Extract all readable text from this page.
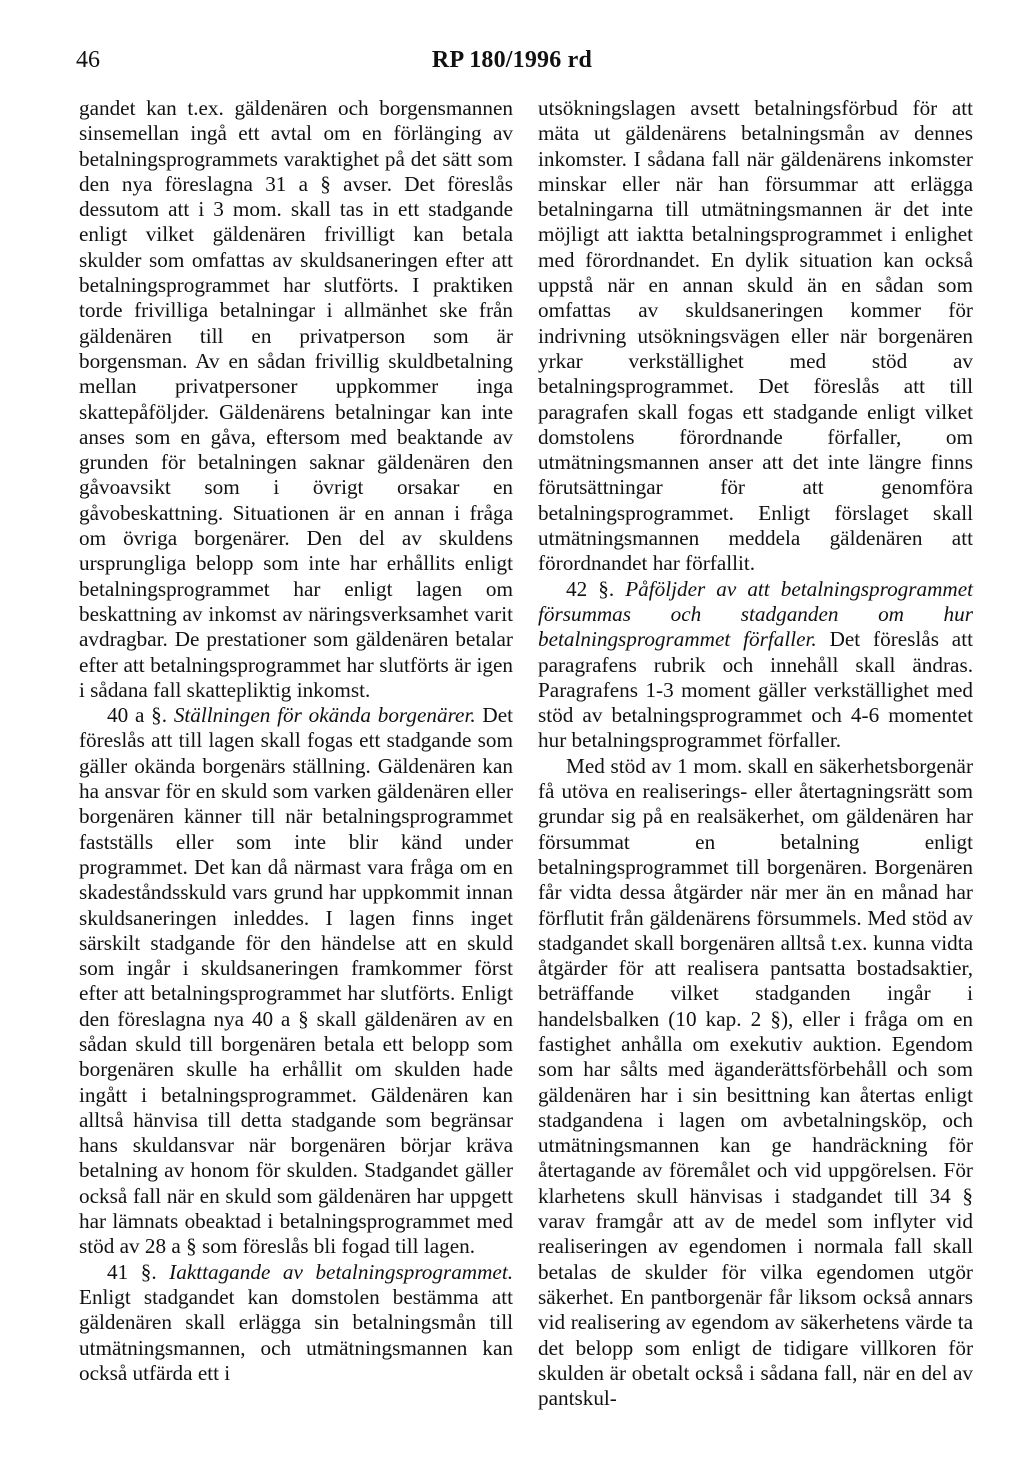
46	RP 180/1996 rd

gandet kan t.ex. gäldenären och borgensmannen sinsemellan ingå ett avtal om en förlänging av betalningsprogrammets varaktighet på det sätt som den nya föreslagna 31 a § avser. Det föreslås dessutom att i 3 mom. skall tas in ett stadgande enligt vilket gäldenären frivilligt kan betala skulder som omfattas av skuldsaneringen efter att betalningsprogrammet har slutförts. I praktiken torde frivilliga betalningar i allmänhet ske från gäldenären till en privatperson som är borgensman. Av en sådan frivillig skuldbetalning mellan privatpersoner uppkommer inga skattepåföljder. Gäldenärens betalningar kan inte anses som en gåva, eftersom med beaktande av grunden för betalningen saknar gäldenären den gåvoavsikt som i övrigt orsakar en gåvobeskattning. Situationen är en annan i fråga om övriga borgenärer. Den del av skuldens ursprungliga belopp som inte har erhållits enligt betalningsprogrammet har enligt lagen om beskattning av inkomst av näringsverksamhet varit avdragbar. De prestationer som gäldenären betalar efter att betalningsprogrammet har slutförts är igen i sådana fall skattepliktig inkomst.

40 a §. Ställningen för okända borgenärer. Det föreslås att till lagen skall fogas ett stadgande som gäller okända borgenärs ställning. Gäldenären kan ha ansvar för en skuld som varken gäldenären eller borgenären känner till när betalningsprogrammet fastställs eller som inte blir känd under programmet. Det kan då närmast vara fråga om en skadeståndsskuld vars grund har uppkommit innan skuldsaneringen inleddes. I lagen finns inget särskilt stadgande för den händelse att en skuld som ingår i skuldsaneringen framkommer först efter att betalningsprogrammet har slutförts. Enligt den föreslagna nya 40 a § skall gäldenären av en sådan skuld till borgenären betala ett belopp som borgenären skulle ha erhållit om skulden hade ingått i betalningsprogrammet. Gäldenären kan alltså hänvisa till detta stadgande som begränsar hans skuldansvar när borgenären börjar kräva betalning av honom för skulden. Stadgandet gäller också fall när en skuld som gäldenären har uppgett har lämnats obeaktad i betalningsprogrammet med stöd av 28 a § som föreslås bli fogad till lagen.

41 §. Iakttagande av betalningsprogrammet. Enligt stadgandet kan domstolen bestämma att gäldenären skall erlägga sin betalningsmån till utmätningsmannen, och utmätningsmannen kan också utfärda ett i

utsökningslagen avsett betalningsförbud för att mäta ut gäldenärens betalningsmån av dennes inkomster. I sådana fall när gäldenärens inkomster minskar eller när han försummar att erlägga betalningarna till utmätningsmannen är det inte möjligt att iaktta betalningsprogrammet i enlighet med förordnandet. En dylik situation kan också uppstå när en annan skuld än en sådan som omfattas av skuldsaneringen kommer för indrivning utsökningsvägen eller när borgenären yrkar verkställighet med stöd av betalningsprogrammet. Det föreslås att till paragrafen skall fogas ett stadgande enligt vilket domstolens förordnande förfaller, om utmätningsmannen anser att det inte längre finns förutsättningar för att genomföra betalningsprogrammet. Enligt förslaget skall utmätningsmannen meddela gäldenären att förordnandet har förfallit.

42 §. Påföljder av att betalningsprogrammet försummas och stadganden om hur betalningsprogrammet förfaller. Det föreslås att paragrafens rubrik och innehåll skall ändras. Paragrafens 1-3 moment gäller verkställighet med stöd av betalningsprogrammet och 4-6 momentet hur betalningsprogrammet förfaller.

Med stöd av 1 mom. skall en säkerhetsborgenär få utöva en realiserings- eller återtagningsrätt som grundar sig på en realsäkerhet, om gäldenären har försummat en betalning enligt betalningsprogrammet till borgenären. Borgenären får vidta dessa åtgärder när mer än en månad har förflutit från gäldenärens försummels. Med stöd av stadgandet skall borgenären alltså t.ex. kunna vidta åtgärder för att realisera pantsatta bostadsaktier, beträffande vilket stadganden ingår i handelsbalken (10 kap. 2 §), eller i fråga om en fastighet anhålla om exekutiv auktion. Egendom som har sålts med äganderättsförbehåll och som gäldenären har i sin besittning kan återtas enligt stadgandena i lagen om avbetalningsköp, och utmätningsmannen kan ge handräckning för återtagande av föremålet och vid uppgörelsen. För klarhetens skull hänvisas i stadgandet till 34 § varav framgår att av de medel som inflyter vid realiseringen av egendomen i normala fall skall betalas de skulder för vilka egendomen utgör säkerhet. En pantborgenär får liksom också annars vid realisering av egendom av säkerhetens värde ta det belopp som enligt de tidigare villkoren för skulden är obetalt också i sådana fall, när en del av pantskul-
